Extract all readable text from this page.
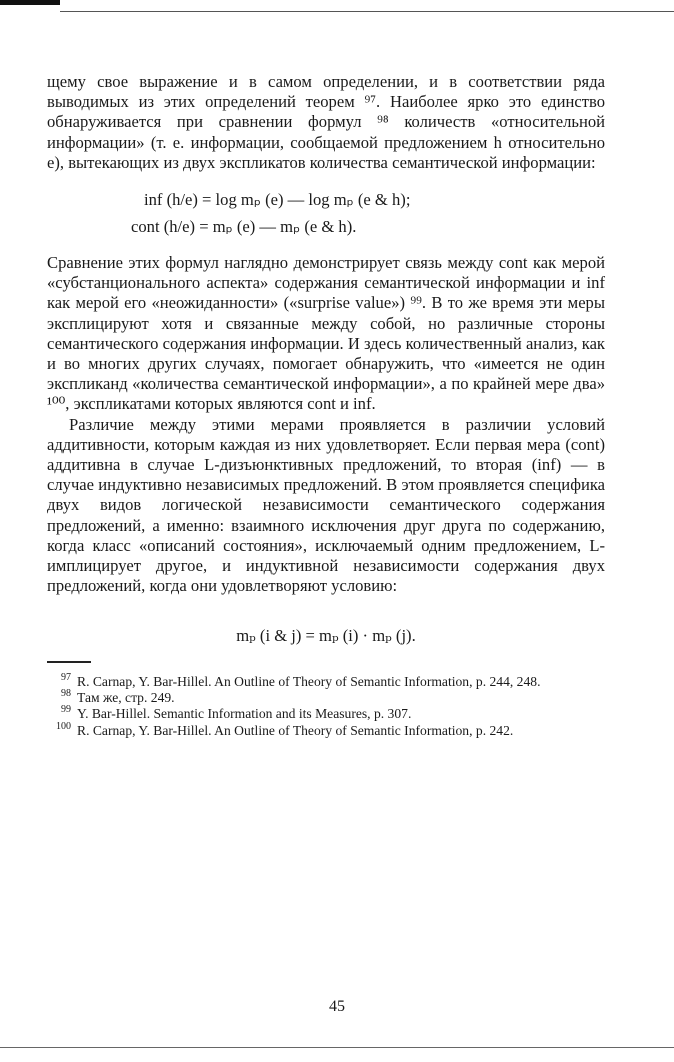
щему свое выражение и в самом определении, и в соответствии ряда выводимых из этих определений теорем ⁹⁷. Наиболее ярко это единство обнаруживается при сравнении формул ⁹⁸ количеств «относительной информации» (т. е. информации, сообщаемой предложением h относительно e), вытекающих из двух экспликатов количества семантической информации:

inf (h/e) = log mₚ (e) — log mₚ (e & h);
cont (h/e) = mₚ (e) — mₚ (e & h).

Сравнение этих формул наглядно демонстрирует связь между cont как мерой «субстанционального аспекта» содержания семантической информации и inf как мерой его «неожиданности» («surprise value») ⁹⁹. В то же время эти меры эксплицируют хотя и связанные между собой, но различные стороны семантического содержания информации. И здесь количественный анализ, как и во многих других случаях, помогает обнаружить, что «имеется не один экспликанд «количества семантической информации», а по крайней мере два» ¹⁰⁰, экспликатами которых являются cont и inf.

Различие между этими мерами проявляется в различии условий аддитивности, которым каждая из них удовлетворяет. Если первая мера (cont) аддитивна в случае L-дизъюнктивных предложений, то вторая (inf) — в случае индуктивно независимых предложений. В этом проявляется специфика двух видов логической независимости семантического содержания предложений, а именно: взаимного исключения друг друга по содержанию, когда класс «описаний состояния», исключаемый одним предложением, L-имплицирует другое, и индуктивной независимости содержания двух предложений, когда они удовлетворяют условию:

mₚ (i & j) = mₚ (i) · mₚ (j).
97 R. Carnap, Y. Bar-Hillel. An Outline of Theory of Semantic Information, p. 244, 248.
98 Там же, стр. 249.
99 Y. Bar-Hillel. Semantic Information and its Measures, p. 307.
100 R. Carnap, Y. Bar-Hillel. An Outline of Theory of Semantic Information, p. 242.
45
